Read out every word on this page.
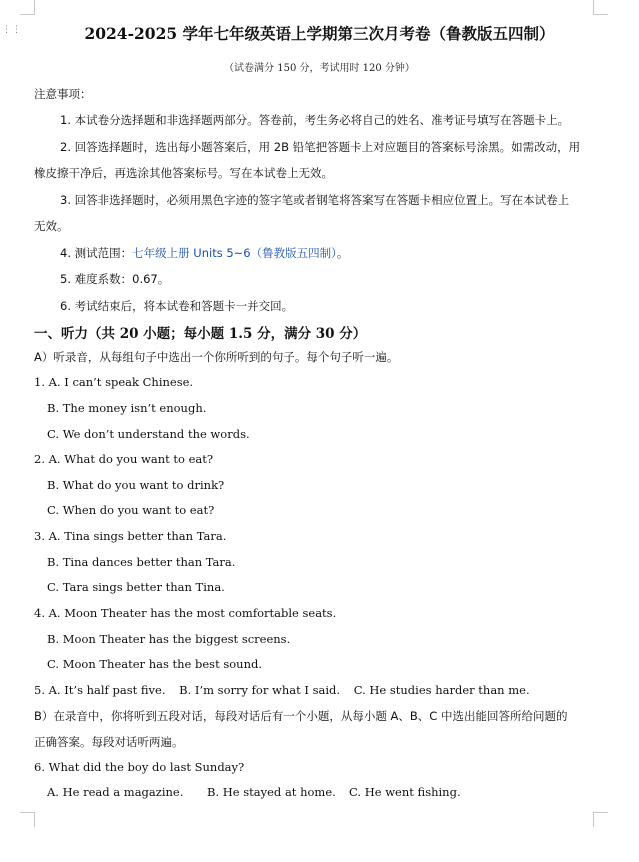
⋮⋮	2024-2025 学年七年级英语上学期第三次月考卷（鲁教版五四制）
（试卷满分 150 分，考试用时 120 分钟）
注意事项：
1. 本试卷分选择题和非选择题两部分。答卷前，考生务必将自己的姓名、准考证号填写在答题卡上。
2. 回答选择题时，选出每小题答案后，用 2B 铅笔把答题卡上对应题目的答案标号涂黑。如需改动，用
橡皮擦干净后，再选涂其他答案标号。写在本试卷上无效。
3. 回答非选择题时，必须用黑色字迹的签字笔或者钢笔将答案写在答题卡相应位置上。写在本试卷上
无效。
4. 测试范围：七年级上册 Units 5~6（鲁教版五四制）。
5. 难度系数：0.67。
6. 考试结束后，将本试卷和答题卡一并交回。
一、听力（共 20 小题；每小题 1.5 分，满分 30 分）
A）听录音，从每组句子中选出一个你所听到的句子。每个句子听一遍。
1. A. I can’t speak Chinese.
B. The money isn’t enough.
C. We don’t understand the words.
2. A. What do you want to eat?
B. What do you want to drink?
C. When do you want to eat?
3. A. Tina sings better than Tara.
B. Tina dances better than Tara.
C. Tara sings better than Tina.
4. A. Moon Theater has the most comfortable seats.
B. Moon Theater has the biggest screens.
C. Moon Theater has the best sound.
5. A. It’s half past five. B. I’m sorry for what I said. C. He studies harder than me.
B）在录音中，你将听到五段对话，每段对话后有一个小题，从每小题 A、B、C 中选出能回答所给问题的
正确答案。每段对话听两遍。
6. What did the boy do last Sunday?
A. He read a magazine. B. He stayed at home. C. He went fishing.
